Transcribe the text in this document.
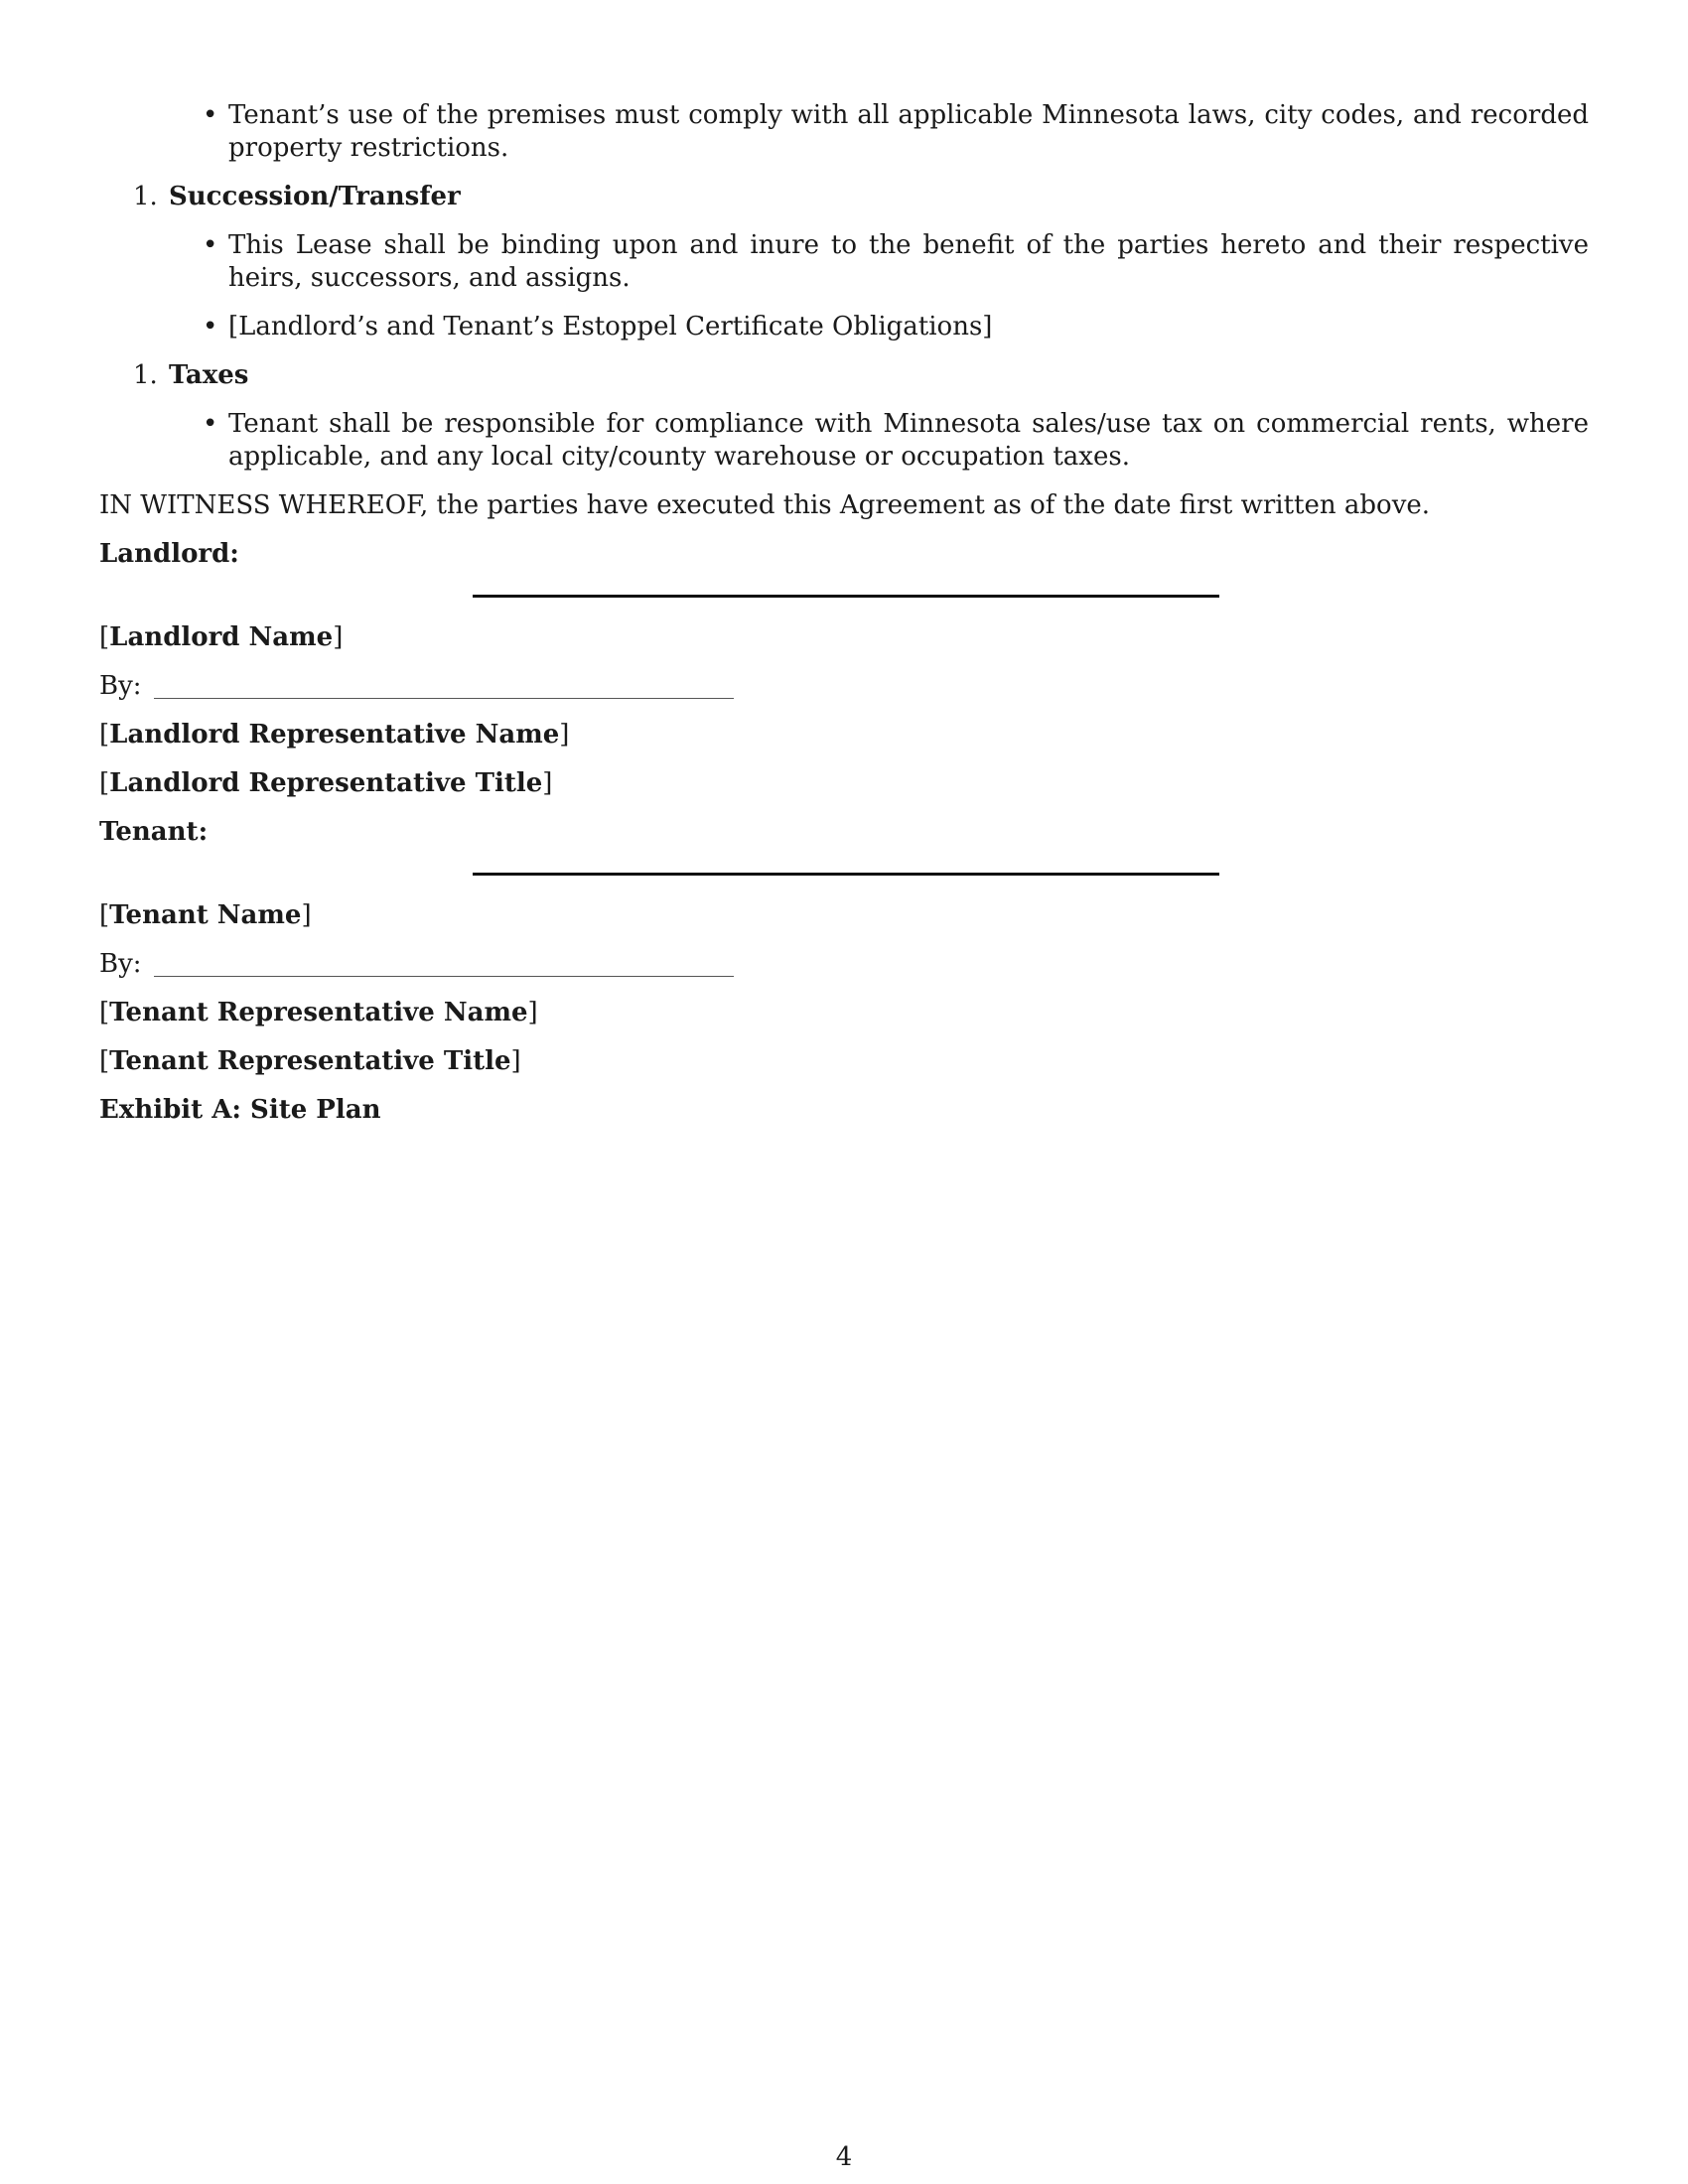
• Tenant’s use of the premises must comply with all applicable Minnesota laws, city codes, and recorded property restrictions.
1. Succession/Transfer
• This Lease shall be binding upon and inure to the benefit of the parties hereto and their respective heirs, successors, and assigns.
• [Landlord’s and Tenant’s Estoppel Certificate Obligations]
1. Taxes
• Tenant shall be responsible for compliance with Minnesota sales/use tax on commercial rents, where applicable, and any local city/county warehouse or occupation taxes.
IN WITNESS WHEREOF, the parties have executed this Agreement as of the date first written above.
Landlord:
[Landlord Name]
By:
[Landlord Representative Name]
[Landlord Representative Title]
Tenant:
[Tenant Name]
By:
[Tenant Representative Name]
[Tenant Representative Title]
Exhibit A: Site Plan
4
